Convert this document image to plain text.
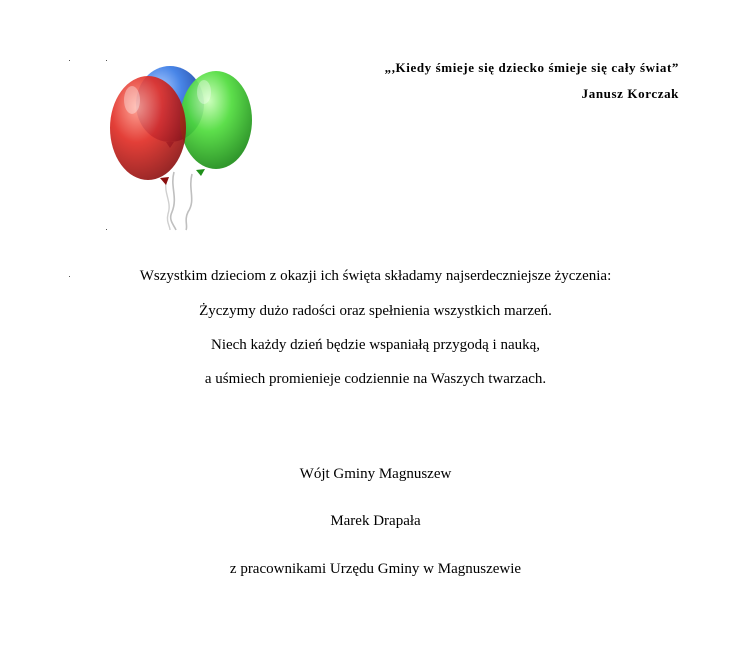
„,Kiedy śmieje się dziecko śmieje się cały świat”
Janusz Korczak
Wszystkim dzieciom z okazji ich święta składamy najserdeczniejsze życzenia:
Życzymy dużo radości oraz spełnienia wszystkich marzeń.
Niech każdy dzień będzie wspaniałą przygodą i nauką,
a uśmiech promienieje codziennie na Waszych twarzach.
Wójt Gminy Magnuszew
Marek Drapała
z pracownikami Urzędu Gminy w Magnuszewie
